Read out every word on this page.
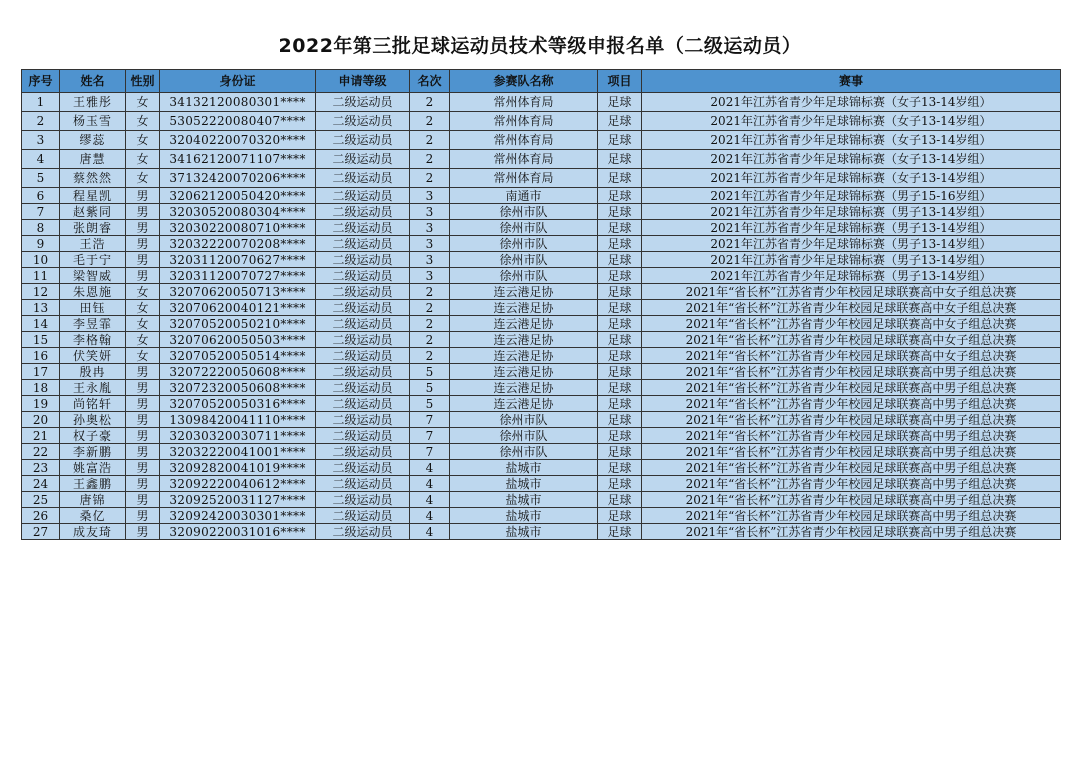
2022年第三批足球运动员技术等级申报名单（二级运动员）
序号	姓名	性别	身份证	申请等级	名次	参赛队名称	项目	赛事
1	王雅彤	女	34132120080301****	二级运动员	2	常州体育局	足球	2021年江苏省青少年足球锦标赛（女子13-14岁组）
2	杨玉雪	女	53052220080407****	二级运动员	2	常州体育局	足球	2021年江苏省青少年足球锦标赛（女子13-14岁组）
3	缪蕊	女	32040220070320****	二级运动员	2	常州体育局	足球	2021年江苏省青少年足球锦标赛（女子13-14岁组）
4	唐慧	女	34162120071107****	二级运动员	2	常州体育局	足球	2021年江苏省青少年足球锦标赛（女子13-14岁组）
5	蔡然然	女	37132420070206****	二级运动员	2	常州体育局	足球	2021年江苏省青少年足球锦标赛（女子13-14岁组）
6	程星凯	男	32062120050420****	二级运动员	3	南通市	足球	2021年江苏省青少年足球锦标赛（男子15-16岁组）
7	赵紫同	男	32030520080304****	二级运动员	3	徐州市队	足球	2021年江苏省青少年足球锦标赛（男子13-14岁组）
8	张朗睿	男	32030220080710****	二级运动员	3	徐州市队	足球	2021年江苏省青少年足球锦标赛（男子13-14岁组）
9	王浩	男	32032220070208****	二级运动员	3	徐州市队	足球	2021年江苏省青少年足球锦标赛（男子13-14岁组）
10	毛于宁	男	32031120070627****	二级运动员	3	徐州市队	足球	2021年江苏省青少年足球锦标赛（男子13-14岁组）
11	梁智威	男	32031120070727****	二级运动员	3	徐州市队	足球	2021年江苏省青少年足球锦标赛（男子13-14岁组）
12	朱恩施	女	32070620050713****	二级运动员	2	连云港足协	足球	2021年“省长杯”江苏省青少年校园足球联赛高中女子组总决赛
13	田钰	女	32070620040121****	二级运动员	2	连云港足协	足球	2021年“省长杯”江苏省青少年校园足球联赛高中女子组总决赛
14	李昱霏	女	32070520050210****	二级运动员	2	连云港足协	足球	2021年“省长杯”江苏省青少年校园足球联赛高中女子组总决赛
15	李格翰	女	32070620050503****	二级运动员	2	连云港足协	足球	2021年“省长杯”江苏省青少年校园足球联赛高中女子组总决赛
16	伏笑妍	女	32070520050514****	二级运动员	2	连云港足协	足球	2021年“省长杯”江苏省青少年校园足球联赛高中女子组总决赛
17	殷冉	男	32072220050608****	二级运动员	5	连云港足协	足球	2021年“省长杯”江苏省青少年校园足球联赛高中男子组总决赛
18	王永胤	男	32072320050608****	二级运动员	5	连云港足协	足球	2021年“省长杯”江苏省青少年校园足球联赛高中男子组总决赛
19	尚铭轩	男	32070520050316****	二级运动员	5	连云港足协	足球	2021年“省长杯”江苏省青少年校园足球联赛高中男子组总决赛
20	孙奥松	男	13098420041110****	二级运动员	7	徐州市队	足球	2021年“省长杯”江苏省青少年校园足球联赛高中男子组总决赛
21	权子豪	男	32030320030711****	二级运动员	7	徐州市队	足球	2021年“省长杯”江苏省青少年校园足球联赛高中男子组总决赛
22	李新鹏	男	32032220041001****	二级运动员	7	徐州市队	足球	2021年“省长杯”江苏省青少年校园足球联赛高中男子组总决赛
23	姚富浩	男	32092820041019****	二级运动员	4	盐城市	足球	2021年“省长杯”江苏省青少年校园足球联赛高中男子组总决赛
24	王鑫鹏	男	32092220040612****	二级运动员	4	盐城市	足球	2021年“省长杯”江苏省青少年校园足球联赛高中男子组总决赛
25	唐锦	男	32092520031127****	二级运动员	4	盐城市	足球	2021年“省长杯”江苏省青少年校园足球联赛高中男子组总决赛
26	桑亿	男	32092420030301****	二级运动员	4	盐城市	足球	2021年“省长杯”江苏省青少年校园足球联赛高中男子组总决赛
27	成友琦	男	32090220031016****	二级运动员	4	盐城市	足球	2021年“省长杯”江苏省青少年校园足球联赛高中男子组总决赛
